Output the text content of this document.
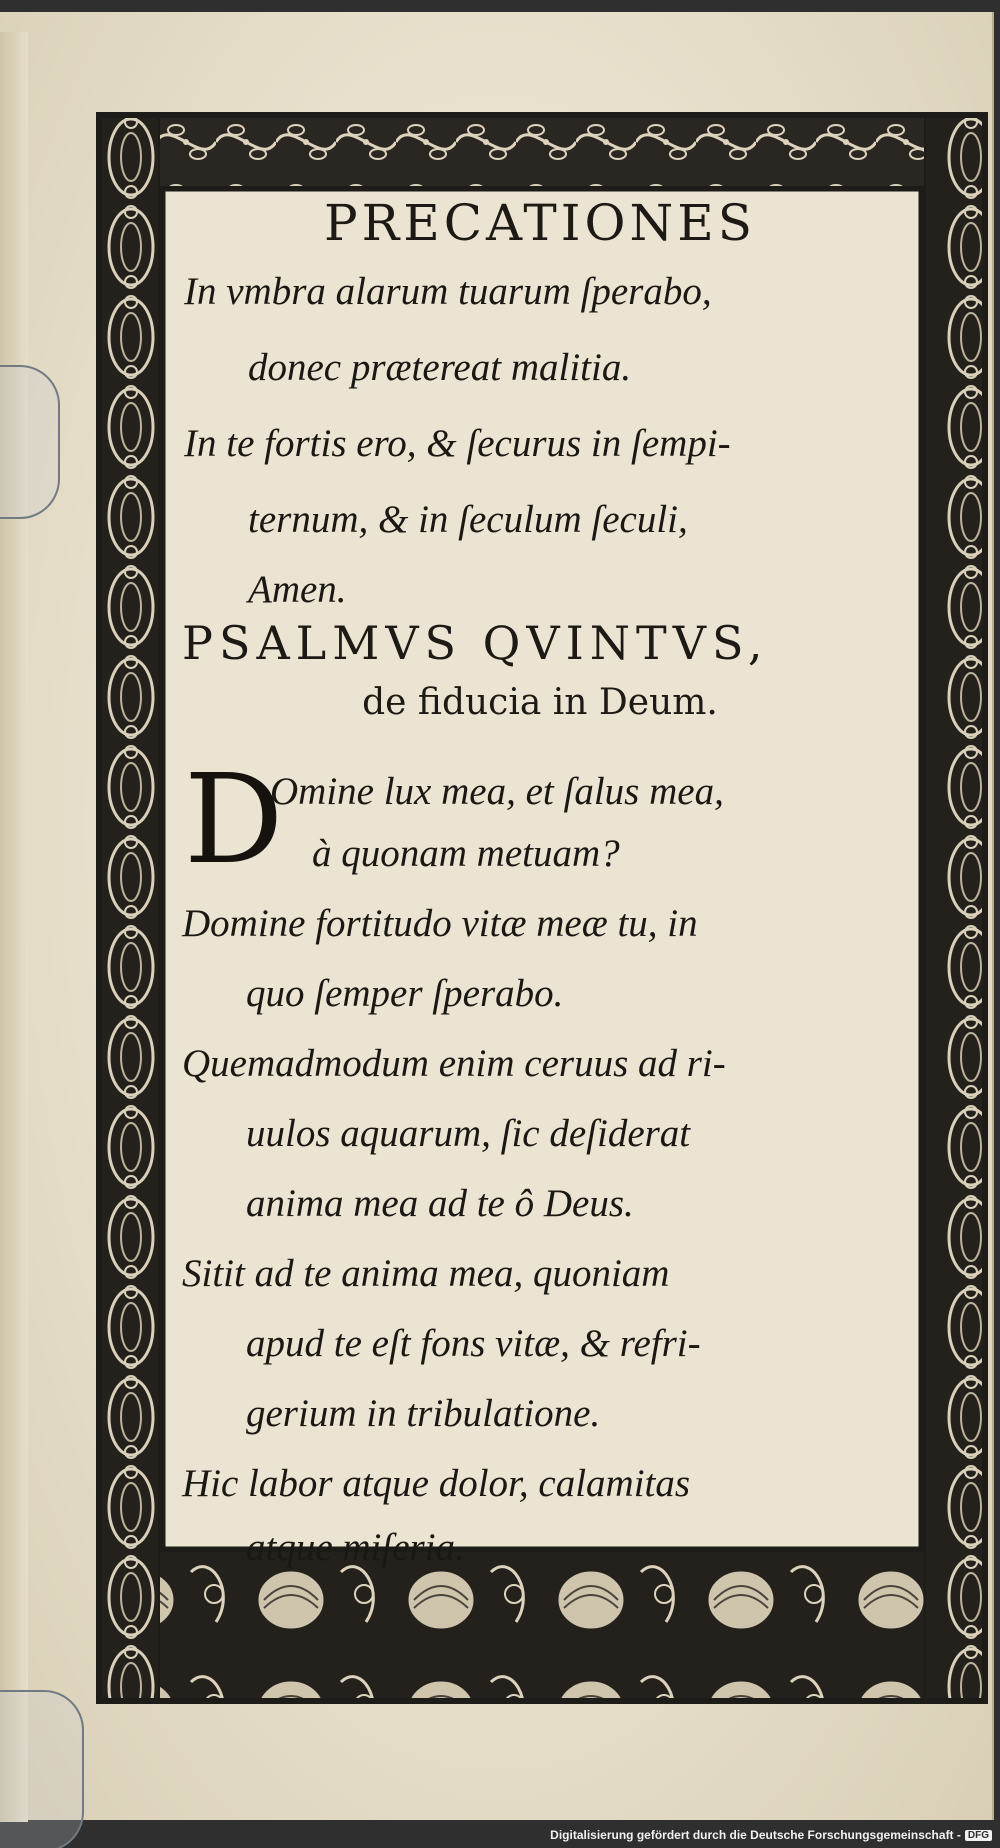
PRECATIONES
In vmbra alarum tuarum ſperabo,
donec prætereat malitia.
In te fortis ero, & ſecurus in ſempi-
ternum, & in ſeculum ſeculi,
Amen.
PSALMVS QVINTVS,
de fiducia in Deum.
D
Omine lux mea, et ſalus mea,
à quonam metuam?
Domine fortitudo vitæ meæ tu, in
quo ſemper ſperabo.
Quemadmodum enim ceruus ad ri-
uulos aquarum, ſic deſiderat
anima mea ad te ô Deus.
Sitit ad te anima mea, quoniam
apud te eſt fons vitæ, & refri-
gerium in tribulatione.
Hic labor atque dolor, calamitas
atque miſeria.
Digitalisierung gefördert durch die Deutsche Forschungsgemeinschaft - DFG
